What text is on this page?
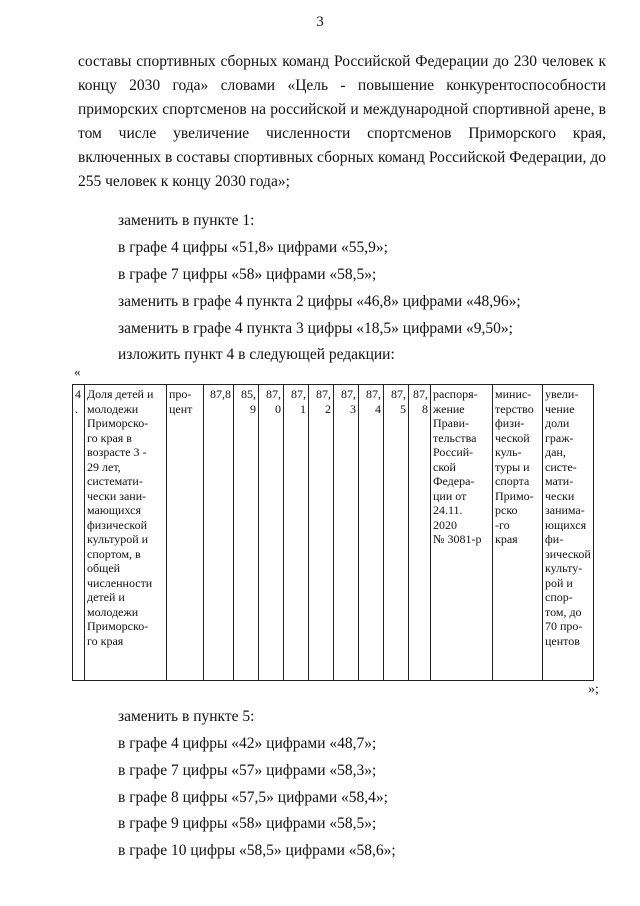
3
составы спортивных сборных команд Российской Федерации до 230 человек к
концу 2030 года» словами «Цель - повышение конкурентоспособности
приморских спортсменов на российской и международной спортивной арене, в
том числе увеличение численности спортсменов Приморского края,
включенных в составы спортивных сборных команд Российской Федерации, до
255 человек к концу 2030 года»;
заменить в пункте 1:
в графе 4 цифры «51,8» цифрами «55,9»;
в графе 7 цифры «58» цифрами «58,5»;
заменить в графе 4 пункта 2 цифры «46,8» цифрами «48,96»;
заменить в графе 4 пункта 3 цифры «18,5» цифрами «9,50»;
изложить пункт 4 в следующей редакции:
«
4
.	Доля детей и
молодежи
Приморско-
го края в
возрасте 3 -
29 лет,
системати-
чески зани-
мающихся
физической
культурой и
спортом, в
общей
численности
детей и
молодежи
Приморско-
го края	про-
цент	87,8	85,
9	87,
0	87,
1	87,
2	87,
3	87,
4	87,
5	87,
8	распоря-
жение
Прави-
тельства
Россий-
ской
Федера-
ции от
24.11.
2020
№ 3081-р	минис-
терство
физи-
ческой
куль-
туры и
спорта
Примо-
рско
-го
края	увели-
чение
доли
граж-
дан,
систе-
мати-
чески
занима-
ющихся фи-
зической
культу-
рой и
спор-
том, до
70 про-
центов
»;
заменить в пункте 5:
в графе 4 цифры «42» цифрами «48,7»;
в графе 7 цифры «57» цифрами «58,3»;
в графе 8 цифры «57,5» цифрами «58,4»;
в графе 9 цифры «58» цифрами «58,5»;
в графе 10 цифры «58,5» цифрами «58,6»;
